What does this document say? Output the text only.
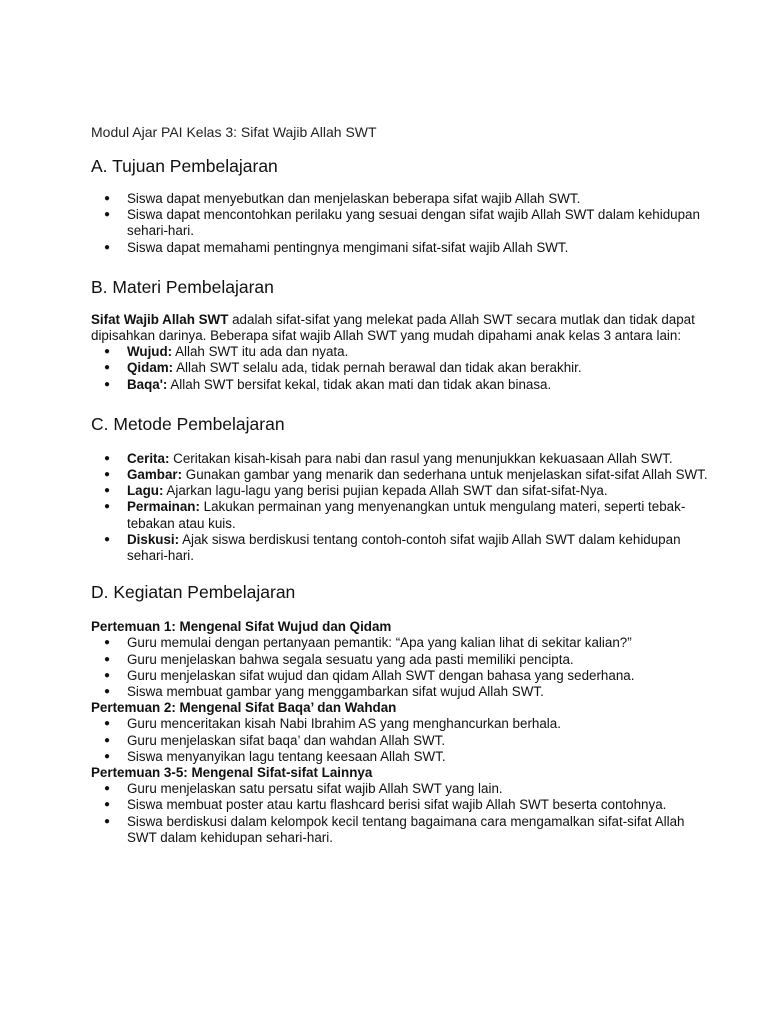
Modul Ajar PAI Kelas 3: Sifat Wajib Allah SWT
A. Tujuan Pembelajaran
● Siswa dapat menyebutkan dan menjelaskan beberapa sifat wajib Allah SWT.
● Siswa dapat mencontohkan perilaku yang sesuai dengan sifat wajib Allah SWT dalam kehidupan sehari-hari.
● Siswa dapat memahami pentingnya mengimani sifat-sifat wajib Allah SWT.
B. Materi Pembelajaran

Sifat Wajib Allah SWT adalah sifat-sifat yang melekat pada Allah SWT secara mutlak dan tidak dapat dipisahkan darinya. Beberapa sifat wajib Allah SWT yang mudah dipahami anak kelas 3 antara lain:

● Wujud: Allah SWT itu ada dan nyata.
● Qidam: Allah SWT selalu ada, tidak pernah berawal dan tidak akan berakhir.
● Baqa': Allah SWT bersifat kekal, tidak akan mati dan tidak akan binasa.
C. Metode Pembelajaran
● Cerita: Ceritakan kisah-kisah para nabi dan rasul yang menunjukkan kekuasaan Allah SWT.
● Gambar: Gunakan gambar yang menarik dan sederhana untuk menjelaskan sifat-sifat Allah SWT.
● Lagu: Ajarkan lagu-lagu yang berisi pujian kepada Allah SWT dan sifat-sifat-Nya.
● Permainan: Lakukan permainan yang menyenangkan untuk mengulang materi, seperti tebak-tebakan atau kuis.
● Diskusi: Ajak siswa berdiskusi tentang contoh-contoh sifat wajib Allah SWT dalam kehidupan sehari-hari.
D. Kegiatan Pembelajaran
Pertemuan 1: Mengenal Sifat Wujud dan Qidam
● Guru memulai dengan pertanyaan pemantik: “Apa yang kalian lihat di sekitar kalian?”
● Guru menjelaskan bahwa segala sesuatu yang ada pasti memiliki pencipta.
● Guru menjelaskan sifat wujud dan qidam Allah SWT dengan bahasa yang sederhana.
● Siswa membuat gambar yang menggambarkan sifat wujud Allah SWT.
Pertemuan 2: Mengenal Sifat Baqa’ dan Wahdan
● Guru menceritakan kisah Nabi Ibrahim AS yang menghancurkan berhala.
● Guru menjelaskan sifat baqa’ dan wahdan Allah SWT.
● Siswa menyanyikan lagu tentang keesaan Allah SWT.
Pertemuan 3-5: Mengenal Sifat-sifat Lainnya
● Guru menjelaskan satu persatu sifat wajib Allah SWT yang lain.
● Siswa membuat poster atau kartu flashcard berisi sifat wajib Allah SWT beserta contohnya.
● Siswa berdiskusi dalam kelompok kecil tentang bagaimana cara mengamalkan sifat-sifat Allah SWT dalam kehidupan sehari-hari.
